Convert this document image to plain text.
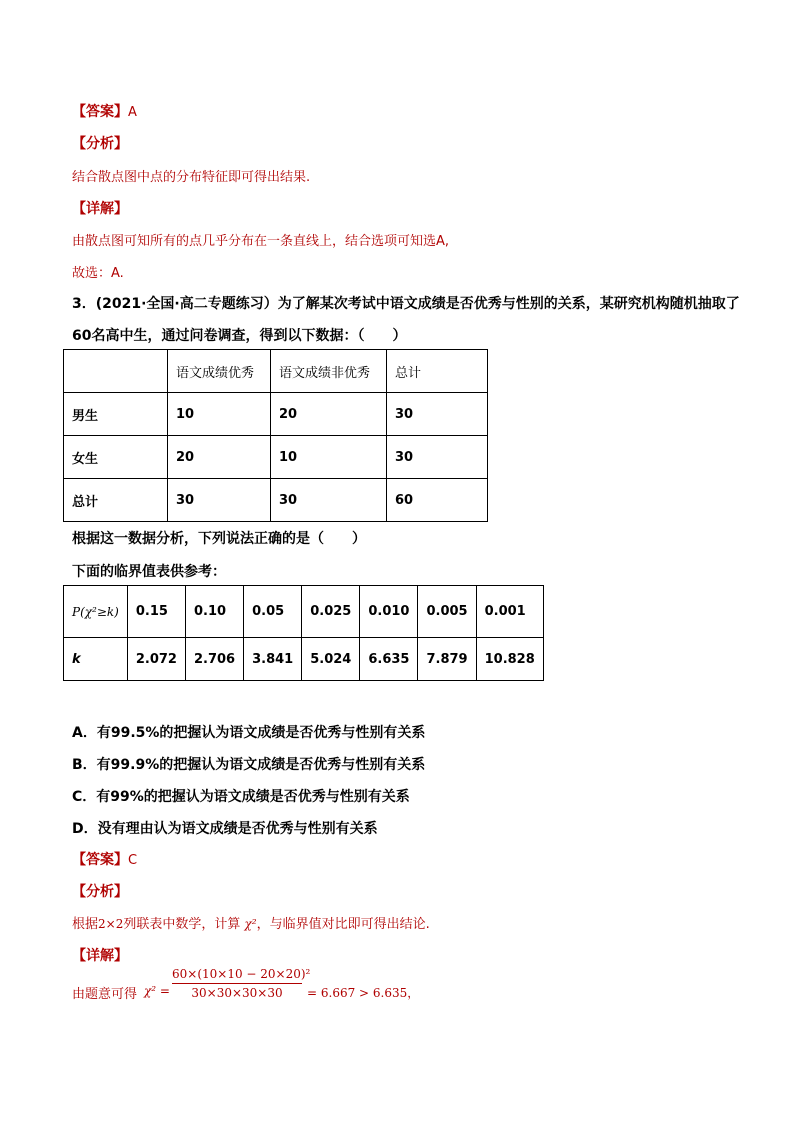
【答案】A
【分析】
结合散点图中点的分布特征即可得出结果.
【详解】
由散点图可知所有的点几乎分布在一条直线上，结合选项可知选A,
故选：A.
3．(2021·全国·高二专题练习）为了解某次考试中语文成绩是否优秀与性别的关系，某研究机构随机抽取了
60名高中生，通过问卷调查，得到以下数据：（　　）
	语文成绩优秀	语文成绩非优秀	总计
男生	10	20	30
女生	20	10	30
总计	30	30	60
根据这一数据分析，下列说法正确的是（　　）
下面的临界值表供参考：
P(χ²≥k)	0.15	0.10	0.05	0.025	0.010	0.005	0.001
k	2.072	2.706	3.841	5.024	6.635	7.879	10.828
A．有99.5%的把握认为语文成绩是否优秀与性别有关系
B．有99.9%的把握认为语文成绩是否优秀与性别有关系
C．有99%的把握认为语文成绩是否优秀与性别有关系
D．没有理由认为语文成绩是否优秀与性别有关系
【答案】C
【分析】
根据2×2列联表中数学，计算 χ²，与临界值对比即可得出结论.
【详解】
由题意可得 $\chi^2 = \frac{\text{60×(10×10 − 20×20)²}}{30\times 30\times 30\times 30} = 6.667 > 6.635$，
